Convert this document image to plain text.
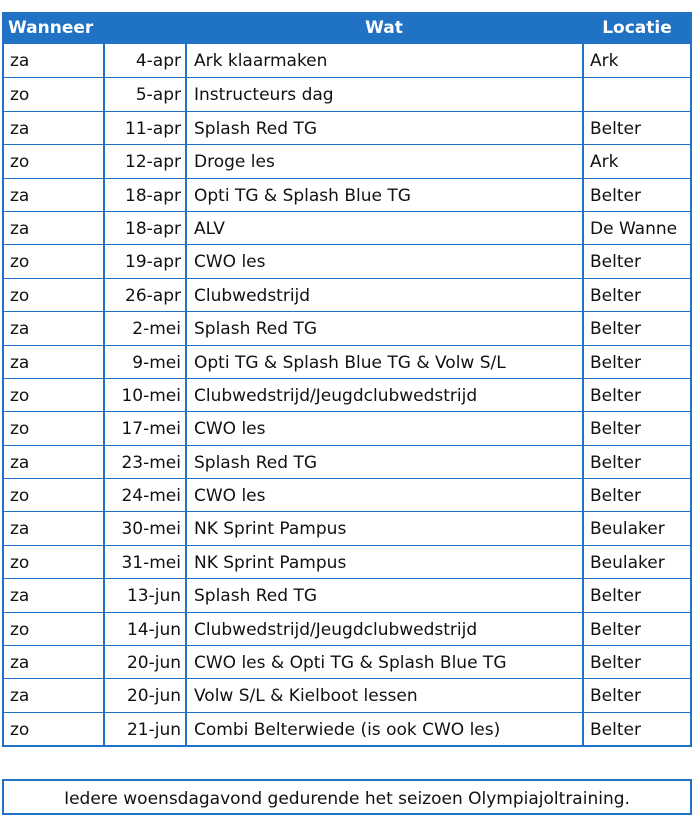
Wanneer	Wat	Locatie
za	4-apr Ark klaarmaken	Ark
zo	5-apr Instructeurs dag
za	11-apr Splash Red TG	Belter
zo	12-apr Droge les	Ark
za	18-apr Opti TG & Splash Blue TG	Belter
za	18-apr ALV	De Wanne
zo	19-apr CWO les	Belter
zo	26-apr Clubwedstrijd	Belter
za	2-mei Splash Red TG	Belter
za	9-mei Opti TG & Splash Blue TG & Volw S/L	Belter
zo	10-mei Clubwedstrijd/Jeugdclubwedstrijd	Belter
zo	17-mei CWO les	Belter
za	23-mei Splash Red TG	Belter
zo	24-mei CWO les	Belter
za	30-mei NK Sprint Pampus	Beulaker
zo	31-mei NK Sprint Pampus	Beulaker
za	13-jun Splash Red TG	Belter
zo	14-jun Clubwedstrijd/Jeugdclubwedstrijd	Belter
za	20-jun CWO les & Opti TG & Splash Blue TG	Belter
za	20-jun Volw S/L & Kielboot lessen	Belter
zo	21-jun Combi Belterwiede (is ook CWO les)	Belter
Iedere woensdagavond gedurende het seizoen Olympiajoltraining.
